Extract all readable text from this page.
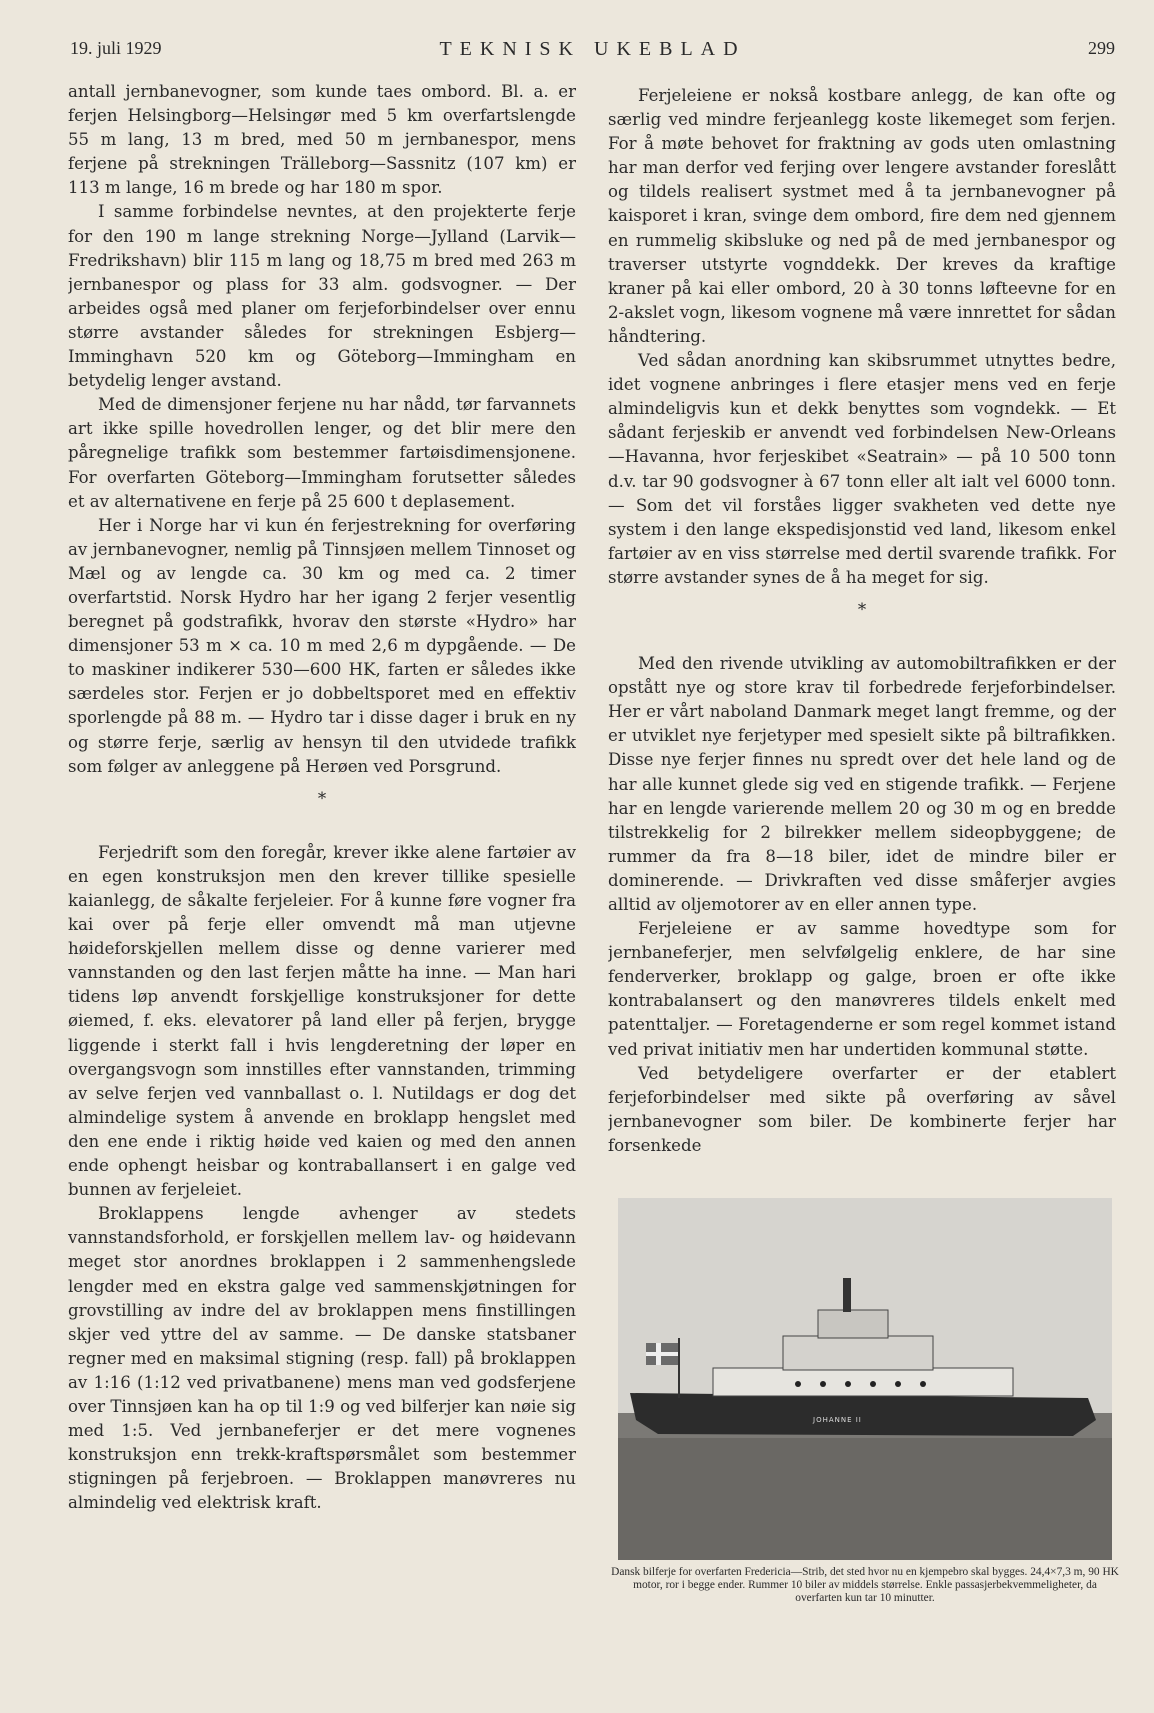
19. juli 1929	TEKNISK UKEBLAD	299

antall jernbanevogner, som kunde taes ombord. Bl. a. er ferjen Helsingborg—Helsingør med 5 km overfartslengde 55 m lang, 13 m bred, med 50 m jernbanespor, mens ferjene på strekningen Trälleborg—Sassnitz (107 km) er 113 m lange, 16 m brede og har 180 m spor.

I samme forbindelse nevntes, at den projekterte ferje for den 190 m lange strekning Norge—Jylland (Larvik—Fredrikshavn) blir 115 m lang og 18,75 m bred med 263 m jernbanespor og plass for 33 alm. godsvogner. — Der arbeides også med planer om ferjeforbindelser over ennu større avstander således for strekningen Esbjerg—Imminghavn 520 km og Göteborg—Immingham en betydelig lenger avstand.

Med de dimensjoner ferjene nu har nådd, tør farvannets art ikke spille hovedrollen lenger, og det blir mere den påregnelige trafikk som bestemmer fartøisdimensjonene. For overfarten Göteborg—Immingham forutsetter således et av alternativene en ferje på 25 600 t deplasement.

Her i Norge har vi kun én ferjestrekning for overføring av jernbanevogner, nemlig på Tinnsjøen mellem Tinnoset og Mæl og av lengde ca. 30 km og med ca. 2 timer overfartstid. Norsk Hydro har her igang 2 ferjer vesentlig beregnet på godstrafikk, hvorav den største «Hydro» har dimensjoner 53 m × ca. 10 m med 2,6 m dypgående. — De to maskiner indikerer 530—600 HK, farten er således ikke særdeles stor. Ferjen er jo dobbeltsporet med en effektiv sporlengde på 88 m. — Hydro tar i disse dager i bruk en ny og større ferje, særlig av hensyn til den utvidede trafikk som følger av anleggene på Herøen ved Porsgrund.

*

Ferjedrift som den foregår, krever ikke alene fartøier av en egen konstruksjon men den krever tillike spesielle kaianlegg, de såkalte ferjeleier. For å kunne føre vogner fra kai over på ferje eller omvendt må man utjevne høideforskjellen mellem disse og denne varierer med vannstanden og den last ferjen måtte ha inne. — Man hari tidens løp anvendt forskjellige konstruksjoner for dette øiemed, f. eks. elevatorer på land eller på ferjen, brygge liggende i sterkt fall i hvis lengderetning der løper en overgangsvogn som innstilles efter vannstanden, trimming av selve ferjen ved vannballast o. l. Nutildags er dog det almindelige system å anvende en broklapp hengslet med den ene ende i riktig høide ved kaien og med den annen ende ophengt heisbar og kontraballansert i en galge ved bunnen av ferjeleiet.

Broklappens lengde avhenger av stedets vannstandsforhold, er forskjellen mellem lav- og høidevann meget stor anordnes broklappen i 2 sammenhengslede lengder med en ekstra galge ved sammenskjøtningen for grovstilling av indre del av broklappen mens finstillingen skjer ved yttre del av samme. — De danske statsbaner regner med en maksimal stigning (resp. fall) på broklappen av 1:16 (1:12 ved privatbanene) mens man ved godsferjene over Tinnsjøen kan ha op til 1:9 og ved bilferjer kan nøie sig med 1:5. Ved jernbaneferjer er det mere vognenes konstruksjon enn trekk-kraftspørsmålet som bestemmer stigningen på ferjebroen. — Broklappen manøvreres nu almindelig ved elektrisk kraft.

Ferjeleiene er nokså kostbare anlegg, de kan ofte og særlig ved mindre ferjeanlegg koste likemeget som ferjen. For å møte behovet for fraktning av gods uten omlastning har man derfor ved ferjing over lengere avstander foreslått og tildels realisert systmet med å ta jernbanevogner på kaisporet i kran, svinge dem ombord, fire dem ned gjennem en rummelig skibsluke og ned på de med jernbanespor og traverser utstyrte vognddekk. Der kreves da kraftige kraner på kai eller ombord, 20 à 30 tonns løfteevne for en 2-akslet vogn, likesom vognene må være innrettet for sådan håndtering.

Ved sådan anordning kan skibsrummet utnyttes bedre, idet vognene anbringes i flere etasjer mens ved en ferje almindeligvis kun et dekk benyttes som vogndekk. — Et sådant ferjeskib er anvendt ved forbindelsen New-Orleans —Havanna, hvor ferjeskibet «Seatrain» — på 10 500 tonn d.v. tar 90 godsvogner à 67 tonn eller alt ialt vel 6000 tonn. — Som det vil forståes ligger svakheten ved dette nye system i den lange ekspedisjonstid ved land, likesom enkel fartøier av en viss størrelse med dertil svarende trafikk. For større avstander synes de å ha meget for sig.

*

Med den rivende utvikling av automobiltrafikken er der opstått nye og store krav til forbedrede ferjeforbindelser. Her er vårt naboland Danmark meget langt fremme, og der er utviklet nye ferjetyper med spesielt sikte på biltrafikken. Disse nye ferjer finnes nu spredt over det hele land og de har alle kunnet glede sig ved en stigende trafikk. — Ferjene har en lengde varierende mellem 20 og 30 m og en bredde tilstrekkelig for 2 bilrekker mellem sideopbyggene; de rummer da fra 8—18 biler, idet de mindre biler er dominerende. — Drivkraften ved disse småferjer avgies alltid av oljemotorer av en eller annen type.

Ferjeleiene er av samme hovedtype som for jernbaneferjer, men selvfølgelig enklere, de har sine fenderverker, broklapp og galge, broen er ofte ikke kontrabalansert og den manøvreres tildels enkelt med patenttaljer. — Foretagenderne er som regel kommet istand ved privat initiativ men har undertiden kommunal støtte.

Ved betydeligere overfarter er der etablert ferjeforbindelser med sikte på overføring av såvel jernbanevogner som biler. De kombinerte ferjer har forsenkede

JOHANNE II
Dansk bilferje for overfarten Fredericia—Strib, det sted hvor nu en kjempebro skal bygges. 24,4×7,3 m, 90 HK motor, ror i begge ender. Rummer 10 biler av middels størrelse. Enkle passasjerbekvemmeligheter, da overfarten kun tar 10 minutter.
